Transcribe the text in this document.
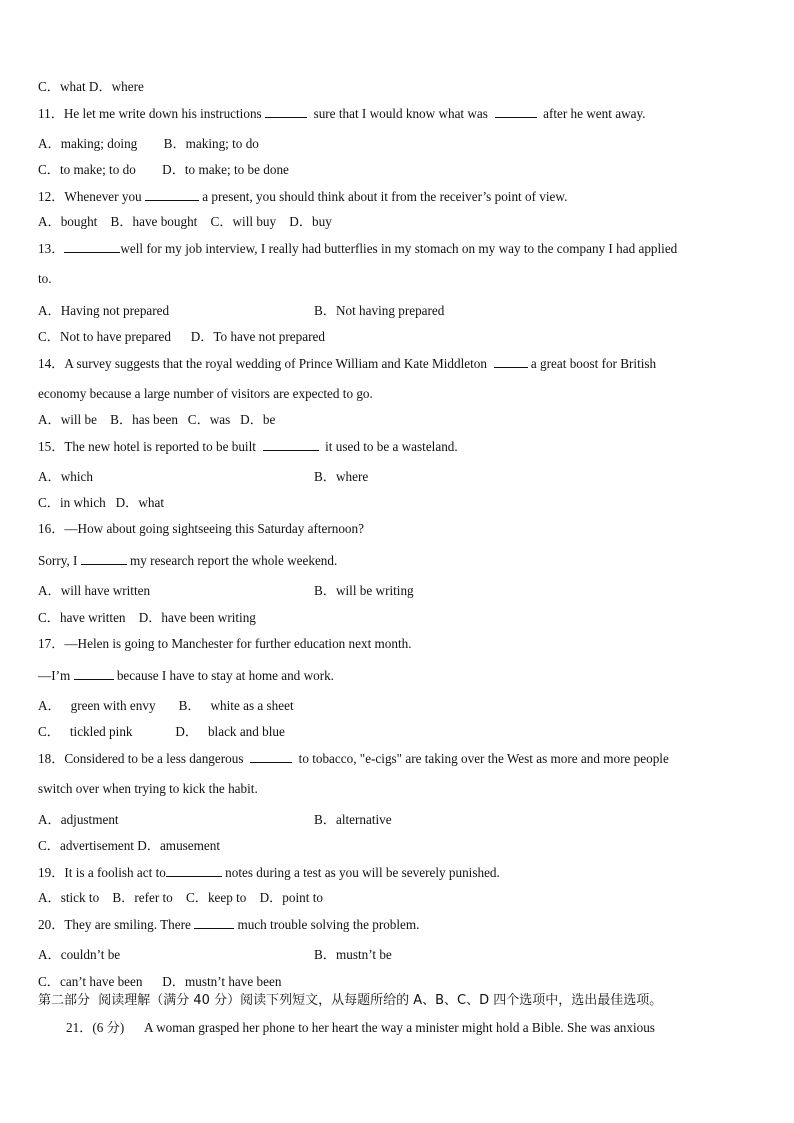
C．what D．where
11．He let me write down his instructions	sure that I would know what was	after he went away.
A．making; doing        B．making; to do
C．to make; to do        D．to make; to be done
12．Whenever you	a present, you should think about it from the receiver’s point of view.
A．bought    B．have bought    C．will buy    D．buy
13．	well for my job interview, I really had butterflies in my stomach on my way to the company I had applied
to.
A．Having not prepared	B．Not having prepared
C．Not to have prepared      D．To have not prepared
14．A survey suggests that the royal wedding of Prince William and Kate Middleton	a great boost for British
economy because a large number of visitors are expected to go.
A．will be    B．has been   C．was   D．be
15．The new hotel is reported to be built	it used to be a wasteland.
A．which	B．where
C．in which   D．what
16．—How about going sightseeing this Saturday afternoon?
Sorry, I	my research report the whole weekend.
A．will have written	B．will be writing
C．have written    D．have been writing
17．—Helen is going to Manchester for further education next month.
—I’m	because I have to stay at home and work.
A．   green with envy       B．   white as a sheet
C．   tickled pink             D．   black and blue
18．Considered to be a less dangerous	to tobacco, "e-cigs" are taking over the West as more and more people
switch over when trying to kick the habit.
A．adjustment	B．alternative
C．advertisement D．amusement
19．It is a foolish act to	notes during a test as you will be severely punished.
A．stick to    B．refer to    C．keep to    D．point to
20．They are smiling. There	much trouble solving the problem.
A．couldn’t be	B．mustn’t be
C．can’t have been      D．mustn’t have been
第二部分  阅读理解（满分 40 分）阅读下列短文，从每题所给的 A、B、C、D 四个选项中，选出最佳选项。
21．(6 分) A woman grasped her phone to her heart the way a minister might hold a Bible. She was anxious
